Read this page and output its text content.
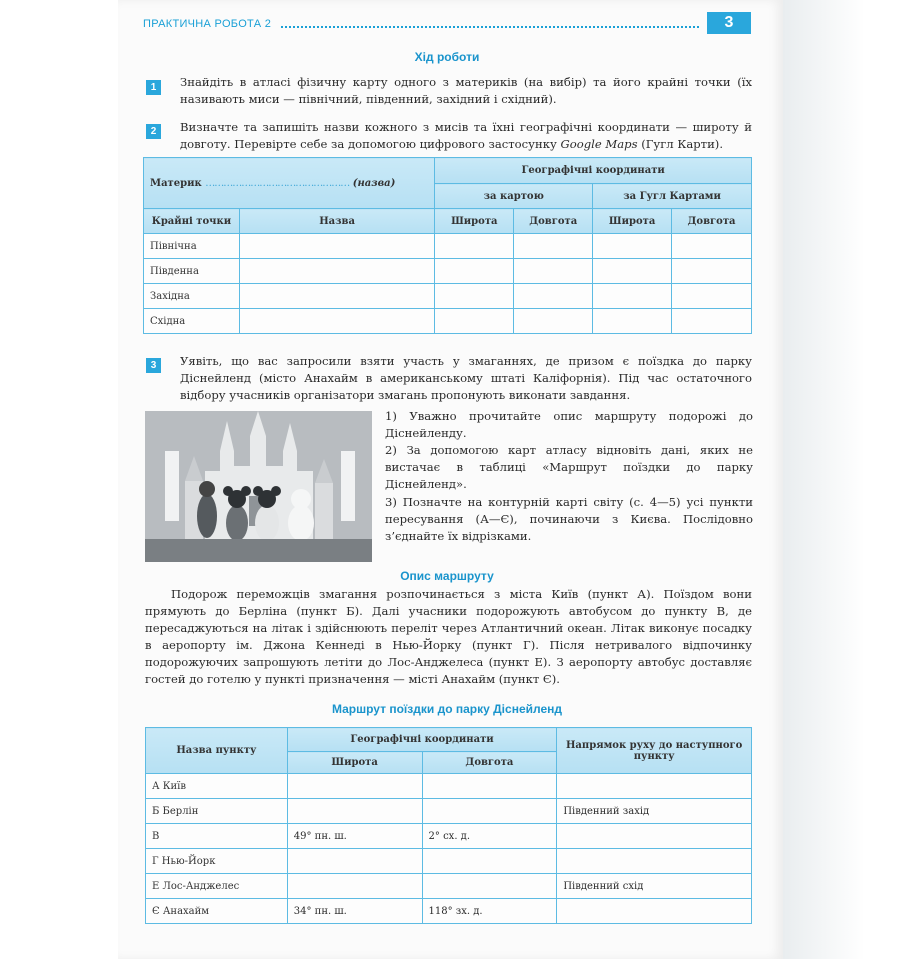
ПРАКТИЧНА РОБОТА 2	3
Хід роботи
1	Знайдіть в атласі фізичну карту одного з материків (на вибір) та його крайні точки (їх називають миси — північний, південний, західний і східний).
2	Визначте та запишіть назви кожного з мисів та їхні географічні координати — широту й довготу. Перевірте себе за допомогою цифрового застосунку Google Maps (Гугл Карти).
Материк ………………………………………… (назва)		Географічні координати			
		за картою		за Гугл Картами	
Крайні точки	Назва	Широта	Довгота	Широта	Довгота
Північна					
Південна					
Західна					
Східна					
3	Уявіть, що вас запросили взяти участь у змаганнях, де призом є поїздка до парку Діснейленд (місто Анахайм в американському штаті Каліфорнія). Під час остаточного відбору учасників організатори змагань пропонують виконати завдання.
1) Уважно прочитайте опис маршруту подорожі до Діснейленду.
2) За допомогою карт атласу відновіть дані, яких не вистачає в таблиці «Маршрут поїздки до парку Діснейленд».
3) Позначте на контурній карті світу (с. 4—5) усі пункти пересування (А—Є), починаючи з Києва. Послідовно з’єднайте їх відрізками.
Опис маршруту
Подорож переможців змагання розпочинається з міста Київ (пункт А). Поїздом вони прямують до Берліна (пункт Б). Далі учасники подорожують автобусом до пункту В, де пересаджуються на літак і здійснюють переліт через Атлантичний океан. Літак виконує посадку в аеропорту ім. Джона Кеннеді в Нью-Йорку (пункт Г). Після нетривалого відпочинку подорожуючих запрошують летіти до Лос-Анджелеса (пункт Е). З аеропорту автобус доставляє гостей до готелю у пункті призначення — місті Анахайм (пункт Є).
Маршрут поїздки до парку Діснейленд
Назва пункту	Географічні координати		Напрямок руху до наступного пункту
	Широта	Довгота	
А Київ			
Б Берлін			Південний захід
В	49° пн. ш.	2° сх. д.	
Г Нью-Йорк			
Е Лос-Анджелес			Південний схід
Є Анахайм	34° пн. ш.	118° зх. д.	
